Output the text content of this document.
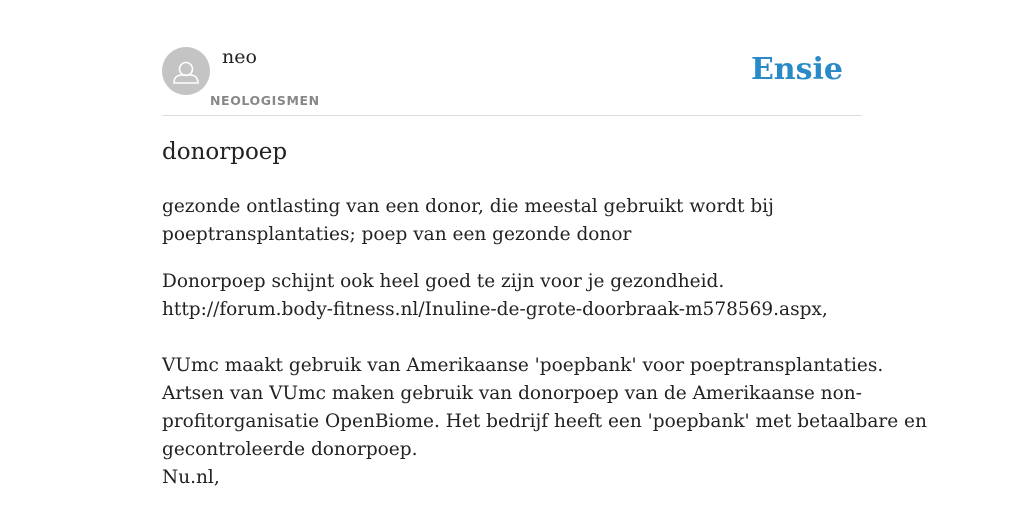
neo
NEOLOGISMEN
Ensie
donorpoep
gezonde ontlasting van een donor, die meestal gebruikt wordt bij
poeptransplantaties; poep van een gezonde donor
Donorpoep schijnt ook heel goed te zijn voor je gezondheid.
http://forum.body-fitness.nl/Inuline-de-grote-doorbraak-m578569.aspx,
VUmc maakt gebruik van Amerikaanse 'poepbank' voor poeptransplantaties.
Artsen van VUmc maken gebruik van donorpoep van de Amerikaanse non-
profitorganisatie OpenBiome. Het bedrijf heeft een 'poepbank' met betaalbare en
gecontroleerde donorpoep.
Nu.nl,
